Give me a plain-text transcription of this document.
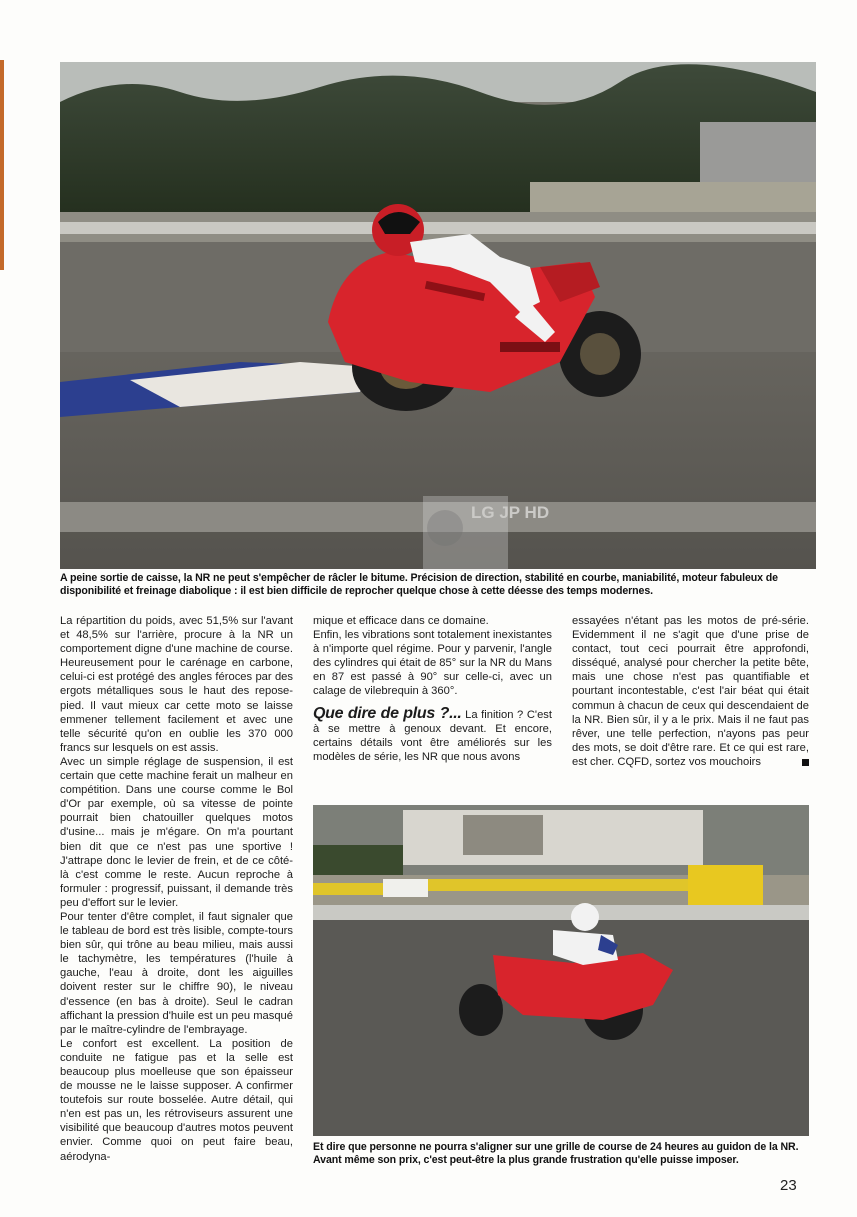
LG JP HD
A peine sortie de caisse, la NR ne peut s'empêcher de râcler le bitume. Précision de direction, stabilité en courbe, maniabilité, moteur fabuleux de disponibilité et freinage diabolique : il est bien difficile de reprocher quelque chose à cette déesse des temps modernes.

La répartition du poids, avec 51,5% sur l'avant et 48,5% sur l'arrière, procure à la NR un comportement digne d'une machine de course. Heureusement pour le carénage en carbone, celui-ci est protégé des angles féroces par des ergots métalliques sous le haut des repose-pied. Il vaut mieux car cette moto se laisse emmener tellement facilement et avec une telle sécurité qu'on en oublie les 370 000 francs sur lesquels on est assis.

Avec un simple réglage de suspension, il est certain que cette machine ferait un malheur en compétition. Dans une course comme le Bol d'Or par exemple, où sa vitesse de pointe pourrait bien chatouiller quelques motos d'usine... mais je m'égare. On m'a pourtant bien dit que ce n'est pas une sportive ! J'attrape donc le levier de frein, et de ce côté-là c'est comme le reste. Aucun reproche à formuler : progressif, puissant, il demande très peu d'effort sur le levier.

Pour tenter d'être complet, il faut signaler que le tableau de bord est très lisible, compte-tours bien sûr, qui trône au beau milieu, mais aussi le tachymètre, les températures (l'huile à gauche, l'eau à droite, dont les aiguilles doivent rester sur le chiffre 90), le niveau d'essence (en bas à droite). Seul le cadran affichant la pression d'huile est un peu masqué par le maître-cylindre de l'embrayage.

Le confort est excellent. La position de conduite ne fatigue pas et la selle est beaucoup plus moelleuse que son épaisseur de mousse ne le laisse supposer. A confirmer toutefois sur route bosselée. Autre détail, qui n'en est pas un, les rétroviseurs assurent une visibilité que beaucoup d'autres motos peuvent envier. Comme quoi on peut faire beau, aérodyna-

mique et efficace dans ce domaine.

Enfin, les vibrations sont totalement inexistantes à n'importe quel régime. Pour y parvenir, l'angle des cylindres qui était de 85° sur la NR du Mans en 87 est passé à 90° sur celle-ci, avec un calage de vilebrequin à 360°.

Que dire de plus ?... La finition ? C'est à se mettre à genoux devant. Et encore, certains détails vont être améliorés sur les modèles de série, les NR que nous avons

essayées n'étant pas les motos de pré-série. Evidemment il ne s'agit que d'une prise de contact, tout ceci pourrait être approfondi, disséqué, analysé pour chercher la petite bête, mais une chose n'est pas quantifiable et pourtant incontestable, c'est l'air béat qui était commun à chacun de ceux qui descendaient de la NR. Bien sûr, il y a le prix. Mais il ne faut pas rêver, une telle perfection, n'ayons pas peur des mots, se doit d'être rare. Et ce qui est rare, est cher. CQFD, sortez vos mouchoirs

Et dire que personne ne pourra s'aligner sur une grille de course de 24 heures au guidon de la NR. Avant même son prix, c'est peut-être la plus grande frustration qu'elle puisse imposer.
23
